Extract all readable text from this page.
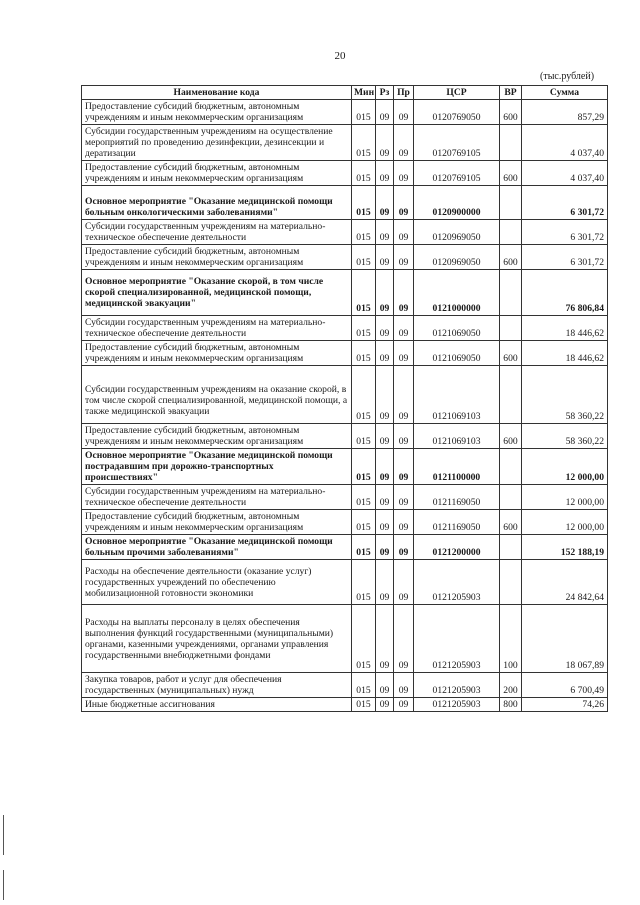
20
(тыс.рублей)
Наименование кода	Мин	Рз	Пр	ЦСР	ВР	Сумма
Предоставление субсидий бюджетным, автономным учреждениям и иным некоммерческим организациям	015	09	09	0120769050	600	857,29
Субсидии государственным учреждениям на осуществление мероприятий по проведению дезинфекции, дезинсекции и дератизации	015	09	09	0120769105		4 037,40
Предоставление субсидий бюджетным, автономным учреждениям и иным некоммерческим организациям	015	09	09	0120769105	600	4 037,40
Основное мероприятие "Оказание медицинской помощи больным онкологическими заболеваниями"	015	09	09	0120900000		6 301,72
Субсидии государственным учреждениям на материально-техническое обеспечение деятельности	015	09	09	0120969050		6 301,72
Предоставление субсидий бюджетным, автономным учреждениям и иным некоммерческим организациям	015	09	09	0120969050	600	6 301,72
Основное мероприятие "Оказание скорой, в том числе скорой специализированной, медицинской помощи, медицинской эвакуации"	015	09	09	0121000000		76 806,84
Субсидии государственным учреждениям на материально-техническое обеспечение деятельности	015	09	09	0121069050		18 446,62
Предоставление субсидий бюджетным, автономным учреждениям и иным некоммерческим организациям	015	09	09	0121069050	600	18 446,62
Субсидии государственным учреждениям на оказание скорой, в том числе скорой специализированной, медицинской помощи, а также медицинской эвакуации	015	09	09	0121069103		58 360,22
Предоставление субсидий бюджетным, автономным учреждениям и иным некоммерческим организациям	015	09	09	0121069103	600	58 360,22
Основное мероприятие "Оказание медицинской помощи пострадавшим при дорожно-транспортных происшествиях"	015	09	09	0121100000		12 000,00
Субсидии государственным учреждениям на материально-техническое обеспечение деятельности	015	09	09	0121169050		12 000,00
Предоставление субсидий бюджетным, автономным учреждениям и иным некоммерческим организациям	015	09	09	0121169050	600	12 000,00
Основное мероприятие "Оказание медицинской помощи больным прочими заболеваниями"	015	09	09	0121200000		152 188,19
Расходы на обеспечение деятельности (оказание услуг) государственных учреждений по обеспечению мобилизационной готовности экономики	015	09	09	0121205903		24 842,64
Расходы на выплаты персоналу в целях обеспечения выполнения функций государственными (муниципальными) органами, казенными учреждениями, органами управления государственными внебюджетными фондами	015	09	09	0121205903	100	18 067,89
Закупка товаров, работ и услуг для обеспечения государственных (муниципальных) нужд	015	09	09	0121205903	200	6 700,49
Иные бюджетные ассигнования	015	09	09	0121205903	800	74,26
